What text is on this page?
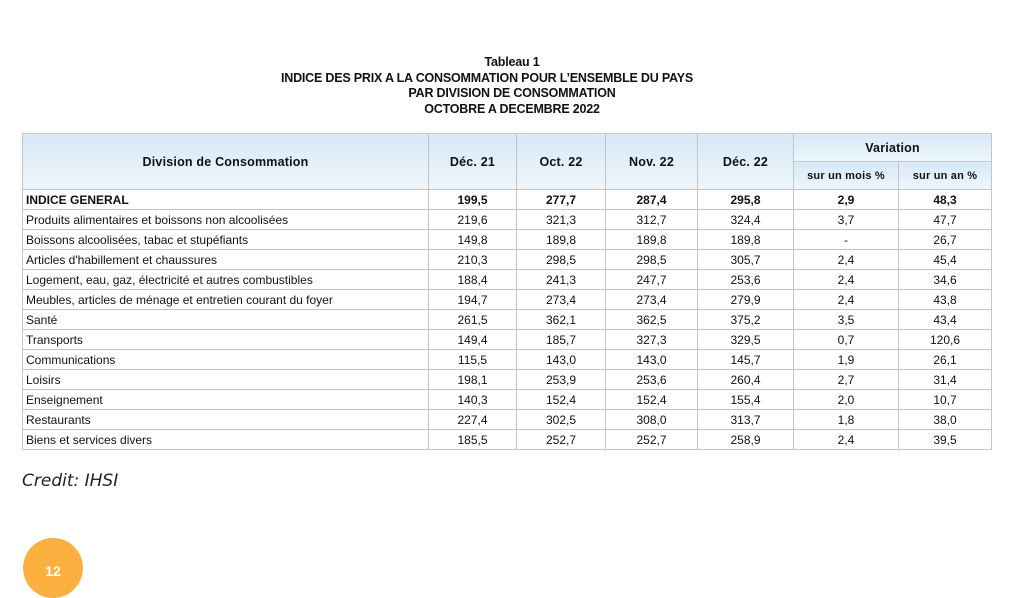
Tableau 1
INDICE DES PRIX A LA CONSOMMATION POUR L’ENSEMBLE DU PAYS
PAR DIVISION DE CONSOMMATION
OCTOBRE A DECEMBRE 2022
Division de Consommation	Déc. 21	Oct. 22	Nov. 22	Déc. 22	Variation	
					sur un mois %	sur un an %
INDICE GENERAL	199,5	277,7	287,4	295,8	2,9	48,3
Produits alimentaires et boissons non alcoolisées	219,6	321,3	312,7	324,4	3,7	47,7
Boissons alcoolisées, tabac et stupéfiants	149,8	189,8	189,8	189,8	-	26,7
Articles d'habillement et chaussures	210,3	298,5	298,5	305,7	2,4	45,4
Logement, eau, gaz, électricité et autres combustibles	188,4	241,3	247,7	253,6	2,4	34,6
Meubles, articles de ménage et entretien courant du foyer	194,7	273,4	273,4	279,9	2,4	43,8
Santé	261,5	362,1	362,5	375,2	3,5	43,4
Transports	149,4	185,7	327,3	329,5	0,7	120,6
Communications	115,5	143,0	143,0	145,7	1,9	26,1
Loisirs	198,1	253,9	253,6	260,4	2,7	31,4
Enseignement	140,3	152,4	152,4	155,4	2,0	10,7
Restaurants	227,4	302,5	308,0	313,7	1,8	38,0
Biens et services divers	185,5	252,7	252,7	258,9	2,4	39,5
Credit: IHSI
12
